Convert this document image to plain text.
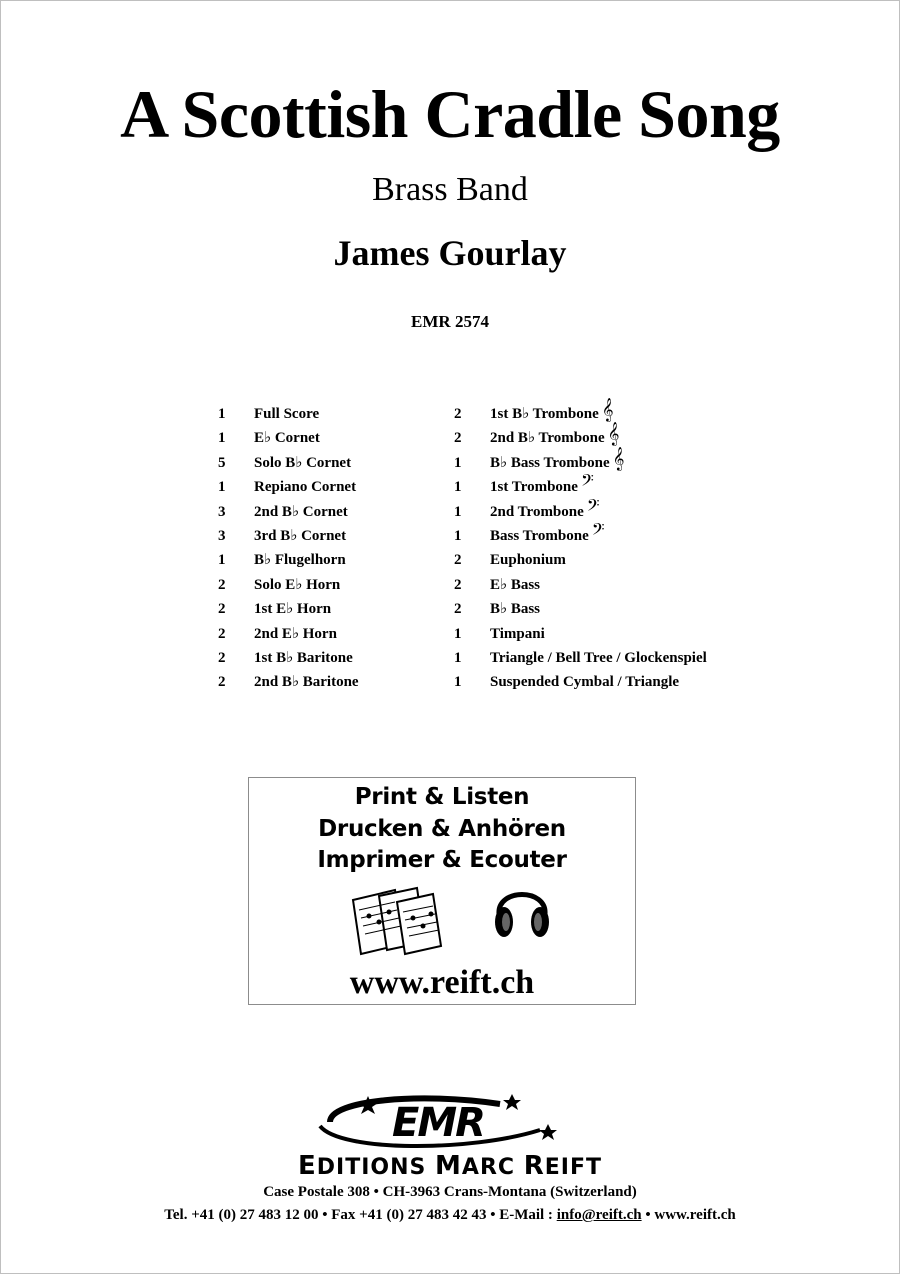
A Scottish Cradle Song
Brass Band
James Gourlay
EMR 2574
1	Full Score
1	E♭ Cornet
5	Solo B♭ Cornet
1	Repiano Cornet
3	2nd B♭ Cornet
3	3rd B♭ Cornet
1	B♭ Flugelhorn
2	Solo E♭ Horn
2	1st E♭ Horn
2	2nd E♭ Horn
2	1st B♭ Baritone
2	2nd B♭ Baritone
2	1st B♭ Trombone 𝄞
2	2nd B♭ Trombone 𝄞
1	B♭ Bass Trombone 𝄞
1	1st Trombone 𝄢
1	2nd Trombone 𝄢
1	Bass Trombone 𝄢
2	Euphonium
2	E♭ Bass
2	B♭ Bass
1	Timpani
1	Triangle / Bell Tree / Glockenspiel
1	Suspended Cymbal / Triangle
Print & Listen
Drucken & Anhören
Imprimer & Ecouter
www.reift.ch
EMR
EDITIONS MARC REIFT
Case Postale 308 • CH-3963 Crans-Montana (Switzerland)
Tel. +41 (0) 27 483 12 00 • Fax +41 (0) 27 483 42 43 • E-Mail : info@reift.ch • www.reift.ch
